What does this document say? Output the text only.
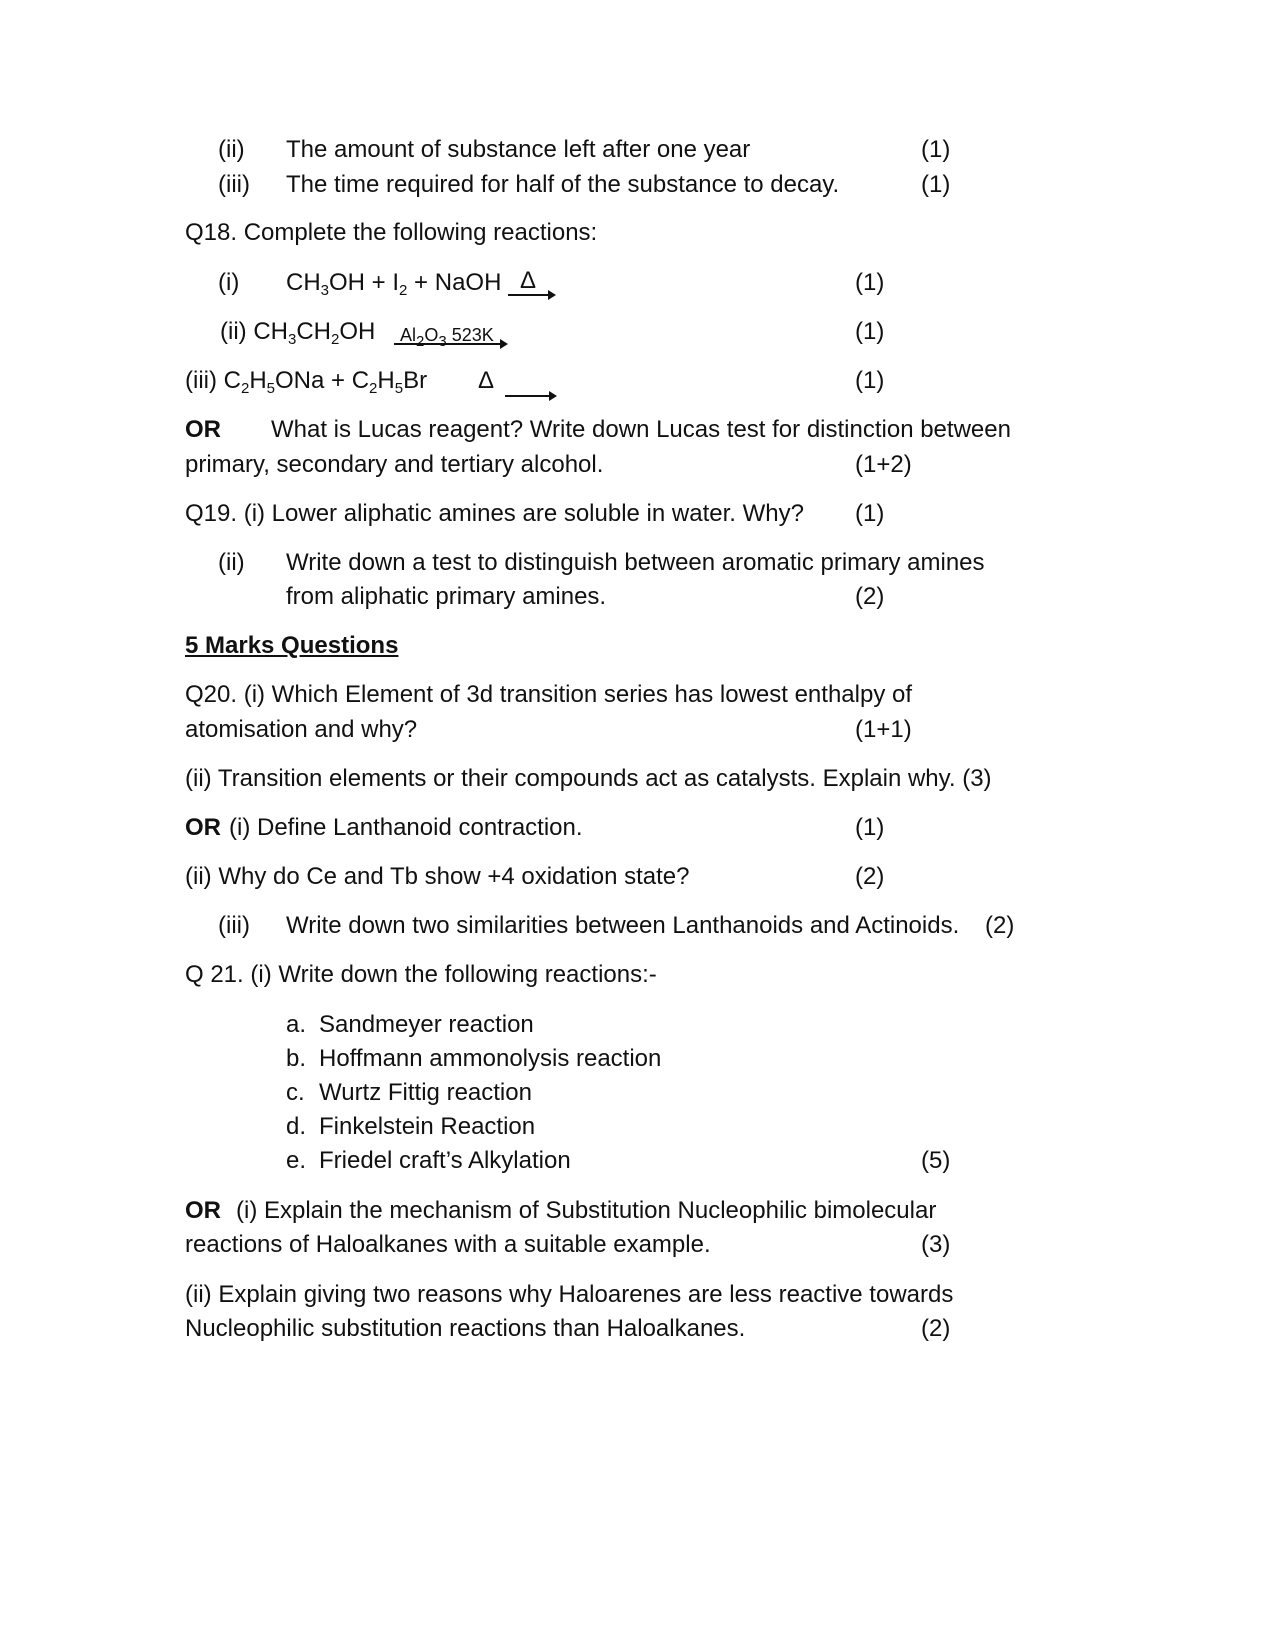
(ii) The amount of substance left after one year	(1)
(iii) The time required for half of the substance to decay.	(1)
Q18. Complete the following reactions:
(i) $CH_3OH + I_2$ + NaOH Δ	(1)
(ii) $CH_3CH_2OH$ $Al_2O_3$ 523K	(1)
(iii) $C_2H_5ONa + C_2H_5Br$ Δ	(1)
OR What is Lucas reagent? Write down Lucas test for distinction between
primary, secondary and tertiary alcohol.	(1+2)
Q19. (i) Lower aliphatic amines are soluble in water. Why? (1)
(ii) Write down a test to distinguish between aromatic primary amines
from aliphatic primary amines.	(2)
5 Marks Questions
Q20. (i) Which Element of 3d transition series has lowest enthalpy of
atomisation and why?	(1+1)
(ii) Transition elements or their compounds act as catalysts. Explain why. (3)
OR (i) Define Lanthanoid contraction.	(1)
(ii) Why do Ce and Tb show +4 oxidation state?	(2)
(iii) Write down two similarities between Lanthanoids and Actinoids. (2)
Q 21. (i) Write down the following reactions:-
a. Sandmeyer reaction
b. Hoffmann ammonolysis reaction
c. Wurtz Fittig reaction
d. Finkelstein Reaction
e. Friedel craft’s Alkylation	(5)
OR (i) Explain the mechanism of Substitution Nucleophilic bimolecular
reactions of Haloalkanes with a suitable example.	(3)
(ii) Explain giving two reasons why Haloarenes are less reactive towards
Nucleophilic substitution reactions than Haloalkanes.	(2)
